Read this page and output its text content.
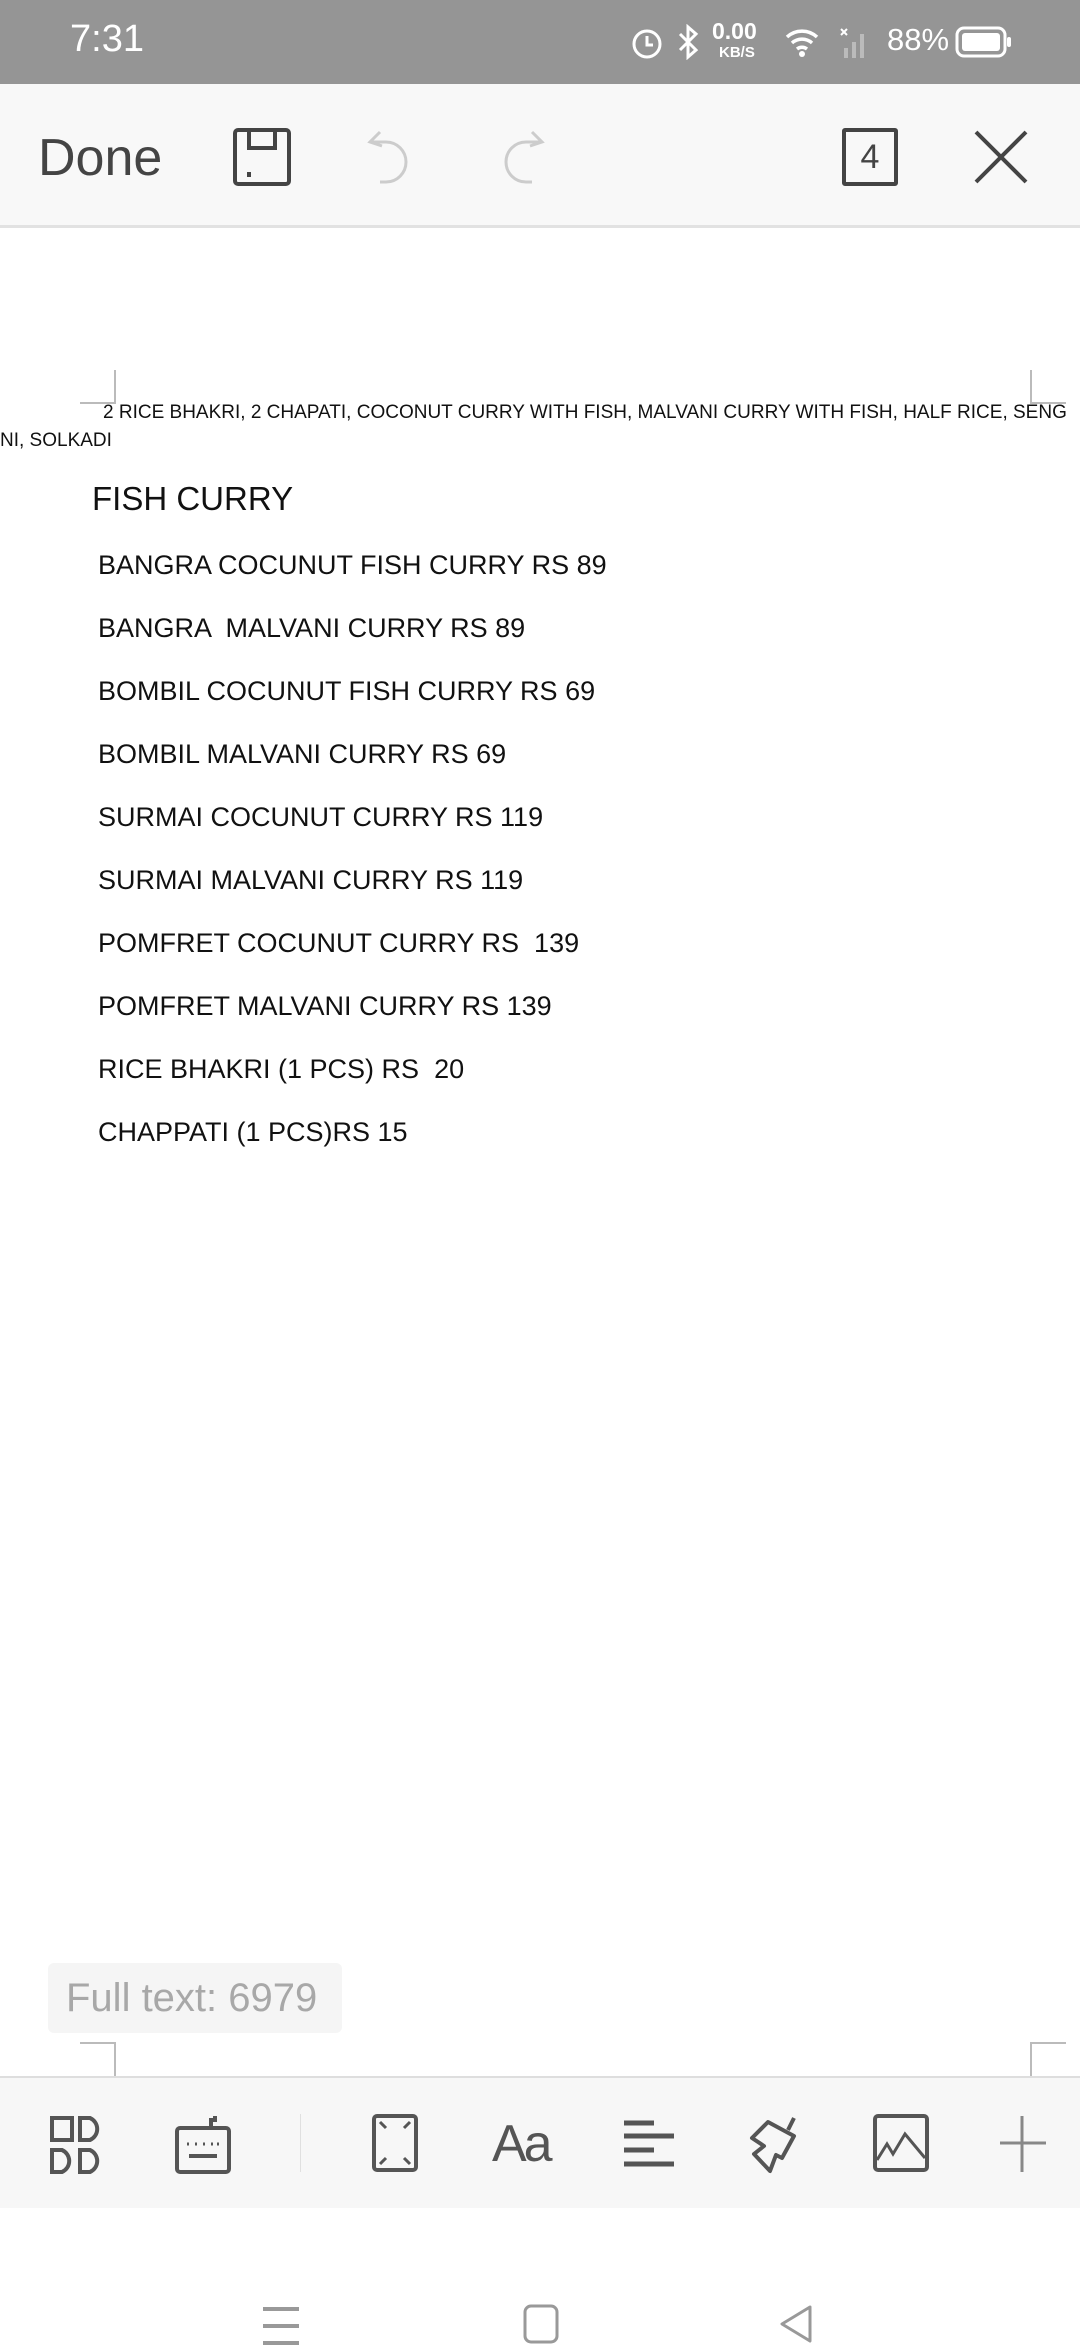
7:31	0.00
KB/S	88%
Done	4
2 RICE BHAKRI, 2 CHAPATI, COCONUT CURRY WITH FISH, MALVANI CURRY WITH FISH, HALF RICE, SENG
NI, SOLKADI
FISH CURRY
BANGRA COCUNUT FISH CURRY RS 89
BANGRA  MALVANI CURRY RS 89
BOMBIL COCUNUT FISH CURRY RS 69
BOMBIL MALVANI CURRY RS 69
SURMAI COCUNUT CURRY RS 119
SURMAI MALVANI CURRY RS 119
POMFRET COCUNUT CURRY RS  139
POMFRET MALVANI CURRY RS 139
RICE BHAKRI (1 PCS) RS  20
CHAPPATI (1 PCS)RS 15
Full text: 6979
Aa
